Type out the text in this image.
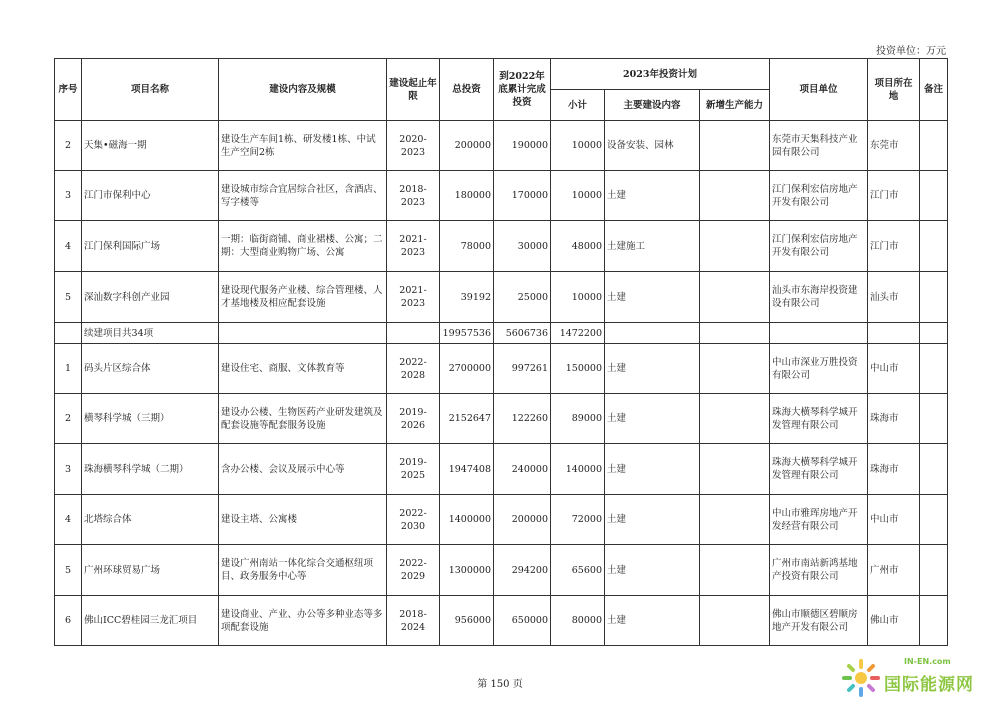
投资单位：万元
序号	项目名称	建设内容及规模	建设起止年限	总投资	到2022年底累计完成投资	2023年投资计划			项目单位	项目所在地	备注
						小计	主要建设内容	新增生产能力			
2	天集•磁海一期	建设生产车间1栋、研发楼1栋、中试生产空间2栋	2020-2023	200000	190000	10000	设备安装、园林		东莞市天集科技产业园有限公司	东莞市	
3	江门市保利中心	建设城市综合宜居综合社区，含酒店、写字楼等	2018-2023	180000	170000	10000	土建		江门保利宏信房地产开发有限公司	江门市	
4	江门保利国际广场	一期：临街商铺、商业裙楼、公寓；二期：大型商业购物广场、公寓	2021-2023	78000	30000	48000	土建施工		江门保利宏信房地产开发有限公司	江门市	
5	深汕数字科创产业园	建设现代服务产业楼、综合管理楼、人才基地楼及相应配套设施	2021-2023	39192	25000	10000	土建		汕头市东海岸投资建设有限公司	汕头市	
	续建项目共34项			19957536	5606736	1472200					
1	码头片区综合体	建设住宅、商服、文体教育等	2022-2028	2700000	997261	150000	土建		中山市深业万胜投资有限公司	中山市	
2	横琴科学城（三期）	建设办公楼、生物医药产业研发建筑及配套设施等配套服务设施	2019-2026	2152647	122260	89000	土建		珠海大横琴科学城开发管理有限公司	珠海市	
3	珠海横琴科学城（二期）	含办公楼、会议及展示中心等	2019-2025	1947408	240000	140000	土建		珠海大横琴科学城开发管理有限公司	珠海市	
4	北塔综合体	建设主塔、公寓楼	2022-2030	1400000	200000	72000	土建		中山市雅珲房地产开发经营有限公司	中山市	
5	广州环球贸易广场	建设广州南站一体化综合交通枢纽项目、政务服务中心等	2022-2029	1300000	294200	65600	土建		广州市南站新鸿基地产投资有限公司	广州市	
6	佛山ICC碧桂园三龙汇项目	建设商业、产业、办公等多种业态等多项配套设施	2018-2024	956000	650000	80000	土建		佛山市顺德区碧顺房地产开发有限公司	佛山市	
第 150 页
IN-EN.com
国际能源网
